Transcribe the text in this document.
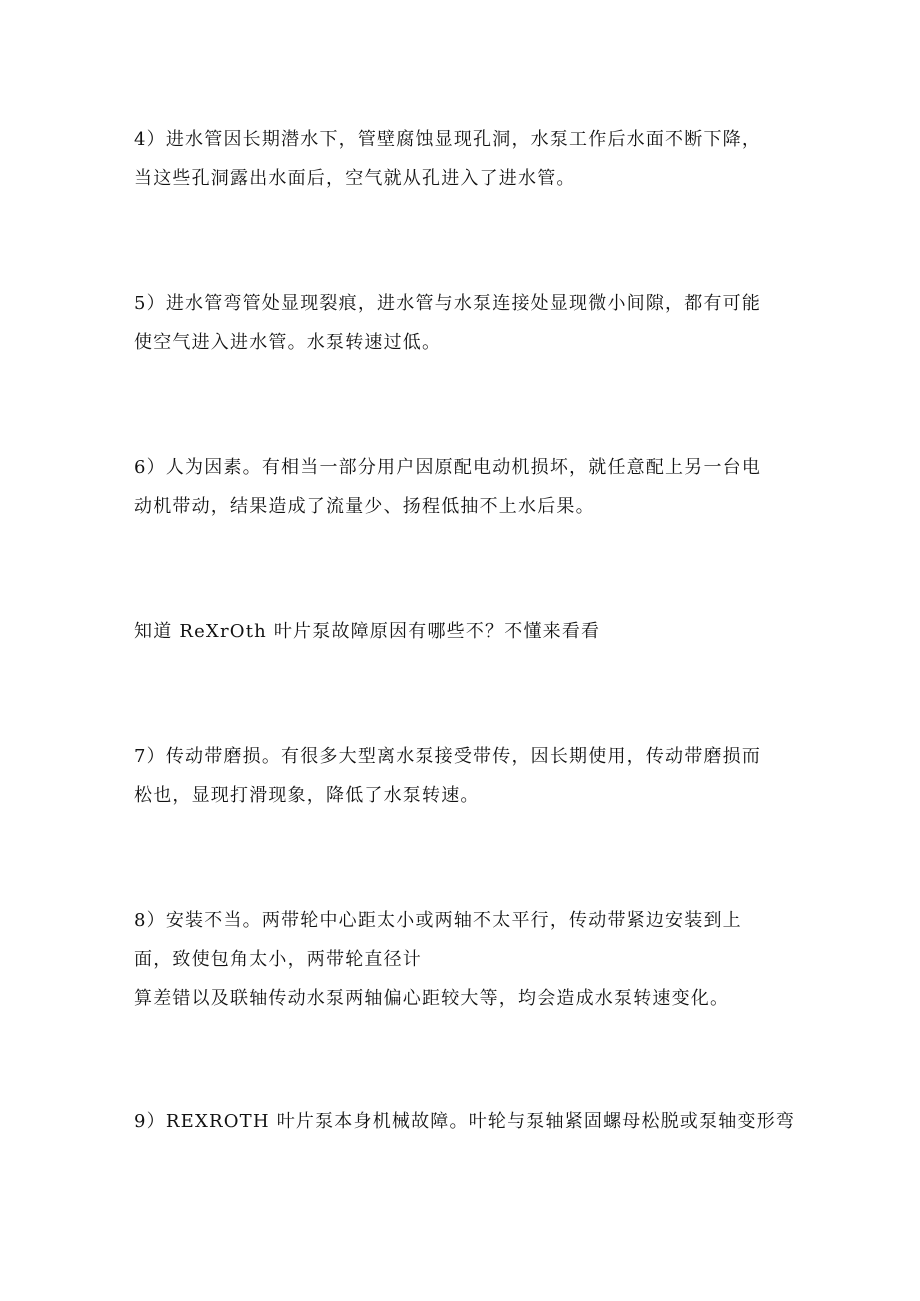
4）进水管因长期潜水下，管壁腐蚀显现孔洞，水泵工作后水面不断下降，
当这些孔洞露出水面后，空气就从孔进入了进水管。

5）进水管弯管处显现裂痕，进水管与水泵连接处显现微小间隙，都有可能
使空气进入进水管。水泵转速过低。

6）人为因素。有相当一部分用户因原配电动机损坏，就任意配上另一台电
动机带动，结果造成了流量少、扬程低抽不上水后果。

知道 ReXrOth 叶片泵故障原因有哪些不？不懂来看看

7）传动带磨损。有很多大型离水泵接受带传，因长期使用，传动带磨损而
松也，显现打滑现象，降低了水泵转速。

8）安装不当。两带轮中心距太小或两轴不太平行，传动带紧边安装到上
面，致使包角太小，两带轮直径计
算差错以及联轴传动水泵两轴偏心距较大等，均会造成水泵转速变化。

9）REXROTH 叶片泵本身机械故障。叶轮与泵轴紧固螺母松脱或泵轴变形弯
